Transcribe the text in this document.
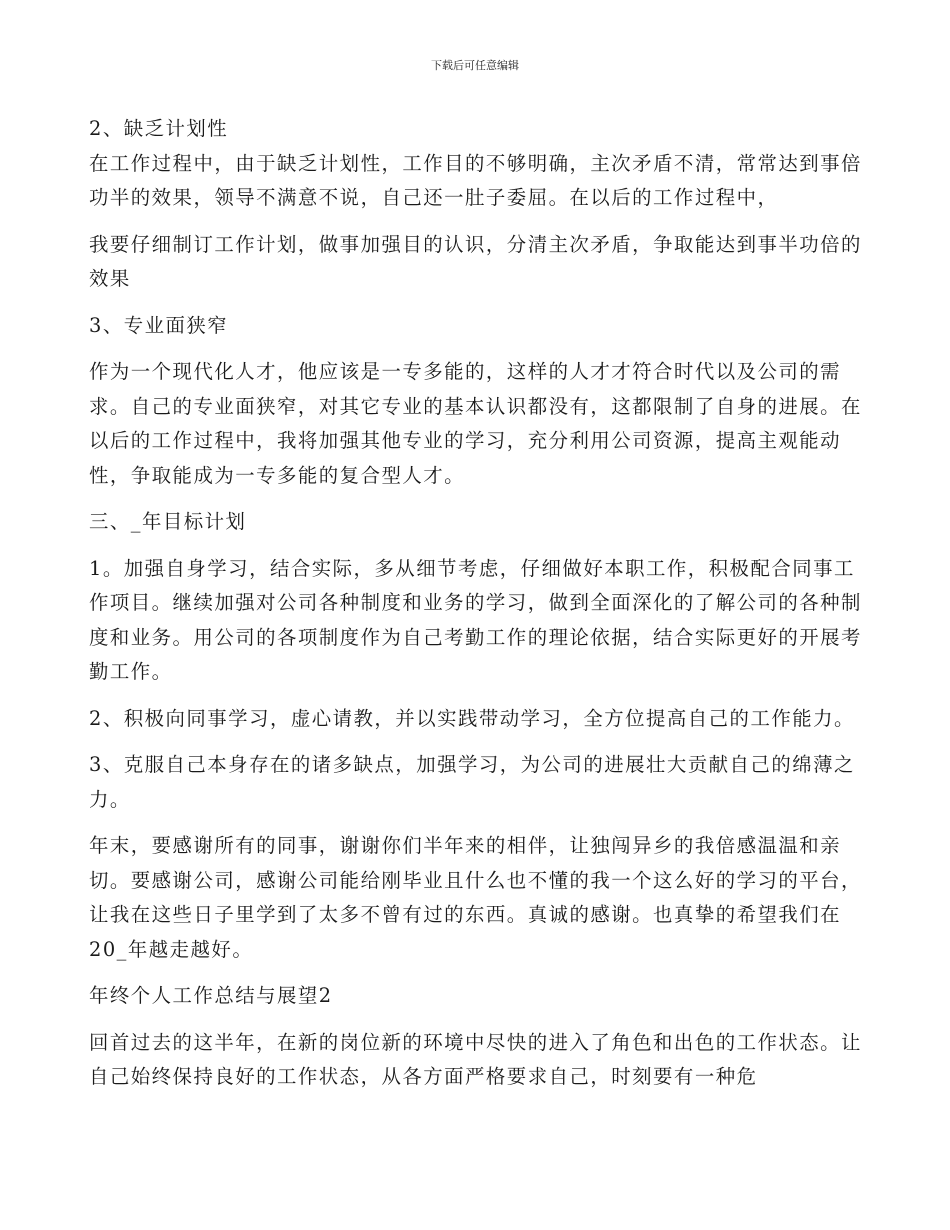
下载后可任意编辑

2、缺乏计划性

在工作过程中，由于缺乏计划性，工作目的不够明确，主次矛盾不清，常常达到事倍功半的效果，领导不满意不说，自己还一肚子委屈。在以后的工作过程中，

我要仔细制订工作计划，做事加强目的认识，分清主次矛盾，争取能达到事半功倍的效果

3、专业面狭窄

作为一个现代化人才，他应该是一专多能的，这样的人才才符合时代以及公司的需求。自己的专业面狭窄，对其它专业的基本认识都没有，这都限制了自身的进展。在以后的工作过程中，我将加强其他专业的学习，充分利用公司资源，提高主观能动性，争取能成为一专多能的复合型人才。

三、_年目标计划

1。加强自身学习，结合实际，多从细节考虑，仔细做好本职工作，积极配合同事工作项目。继续加强对公司各种制度和业务的学习，做到全面深化的了解公司的各种制度和业务。用公司的各项制度作为自己考勤工作的理论依据，结合实际更好的开展考勤工作。

2、积极向同事学习，虚心请教，并以实践带动学习，全方位提高自己的工作能力。

3、克服自己本身存在的诸多缺点，加强学习，为公司的进展壮大贡献自己的绵薄之力。

年末，要感谢所有的同事，谢谢你们半年来的相伴，让独闯异乡的我倍感温温和亲切。要感谢公司，感谢公司能给刚毕业且什么也不懂的我一个这么好的学习的平台，让我在这些日子里学到了太多不曾有过的东西。真诚的感谢。也真挚的希望我们在20_年越走越好。

年终个人工作总结与展望2

回首过去的这半年，在新的岗位新的环境中尽快的进入了角色和出色的工作状态。让自己始终保持良好的工作状态，从各方面严格要求自己，时刻要有一种危
